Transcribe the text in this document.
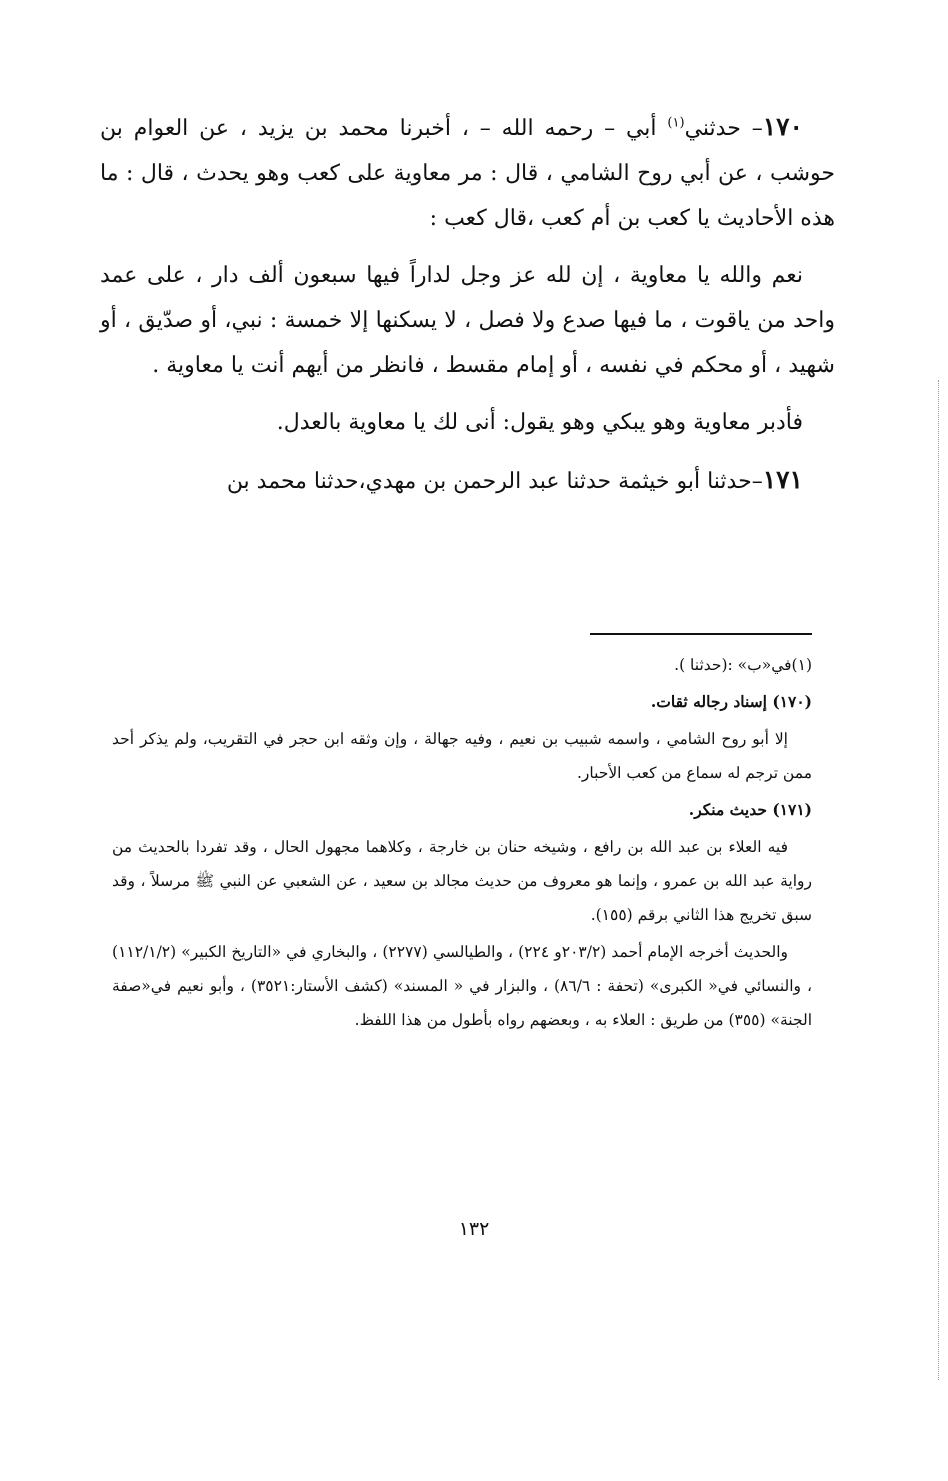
١٧٠– حدثني$^{(١)}$ أبي – رحمه الله – ، أخبرنا محمد بن يزيد ، عن العوام بن حوشب ، عن أبي روح الشامي ، قال : مر معاوية على كعب وهو يحدث ، قال : ما هذه الأحاديث يا كعب بن أم كعب ،قال كعب :

نعم والله يا معاوية ، إن لله عز وجل لداراً فيها سبعون ألف دار ، على عمد واحد من ياقوت ، ما فيها صدع ولا فصل ، لا يسكنها إلا خمسة : نبي، أو صدّيق ، أو شهيد ، أو محكم في نفسه ، أو إمام مقسط ، فانظر من أيهم أنت يا معاوية .

فأدبر معاوية وهو يبكي وهو يقول: أنى لك يا معاوية بالعدل.

١٧١–حدثنا أبو خيثمة حدثنا عبد الرحمن بن مهدي،حدثنا محمد بن

(١)في«ب» :(حدثنا ).

(١٧٠) إسناد رجاله ثقات.

إلا أبو روح الشامي ، واسمه شبيب بن نعيم ، وفيه جهالة ، وإن وثقه ابن حجر في التقريب، ولم يذكر أحد ممن ترجم له سماع من كعب الأحبار.

(١٧١) حديث منكر.

فيه العلاء بن عبد الله بن رافع ، وشيخه حنان بن خارجة ، وكلاهما مجهول الحال ، وقد تفردا بالحديث من رواية عبد الله بن عمرو ، وإنما هو معروف من حديث مجالد بن سعيد ، عن الشعبي عن النبي ﷺ مرسلاً ، وقد سبق تخريج هذا الثاني برقم (١٥٥).

والحديث أخرجه الإمام أحمد (٢٠٣/٢و ٢٢٤) ، والطيالسي (٢٢٧٧) ، والبخاري في «التاريخ الكبير» (١١٢/١/٢) ، والنسائي في« الكبرى» (تحفة : ٨٦/٦) ، والبزار في « المسند» (كشف الأستار:٣٥٢١) ، وأبو نعيم في«صفة الجنة» (٣٥٥) من طريق : العلاء به ، وبعضهم رواه بأطول من هذا اللفظ.

١٣٢
